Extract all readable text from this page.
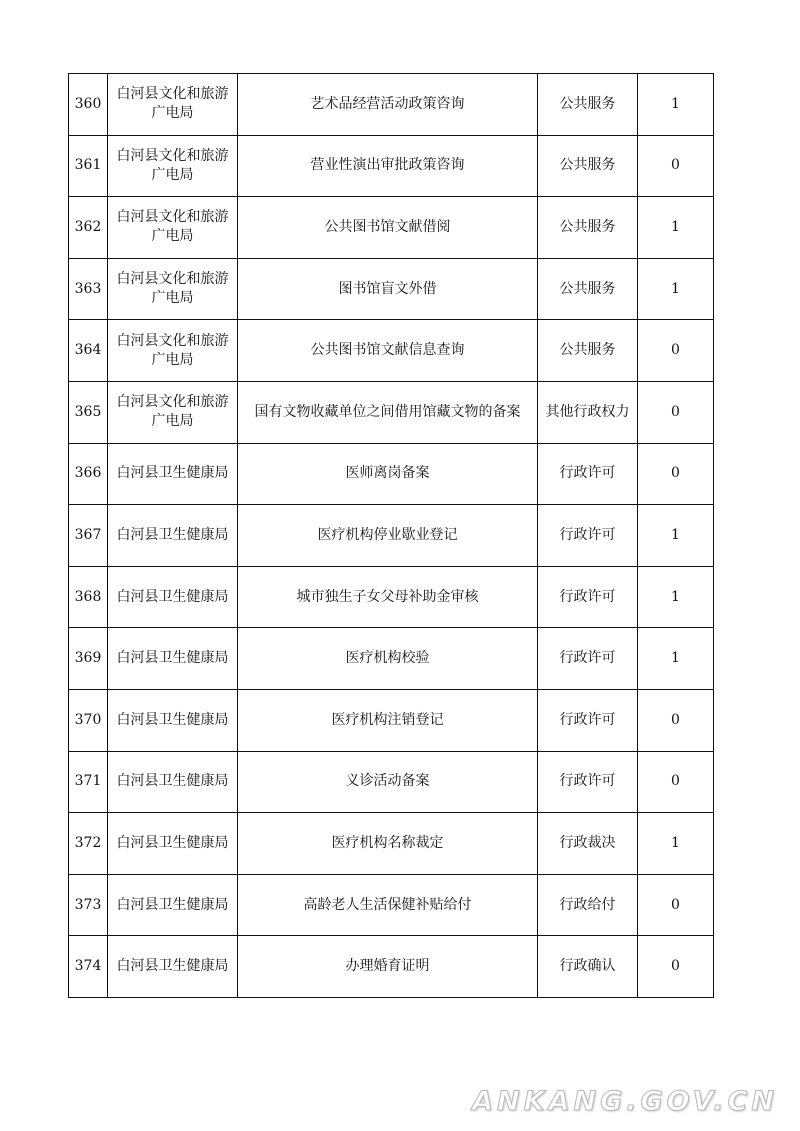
360	白河县文化和旅游广电局	艺术品经营活动政策咨询	公共服务	1
361	白河县文化和旅游广电局	营业性演出审批政策咨询	公共服务	0
362	白河县文化和旅游广电局	公共图书馆文献借阅	公共服务	1
363	白河县文化和旅游广电局	图书馆盲文外借	公共服务	1
364	白河县文化和旅游广电局	公共图书馆文献信息查询	公共服务	0
365	白河县文化和旅游广电局	国有文物收藏单位之间借用馆藏文物的备案	其他行政权力	0
366	白河县卫生健康局	医师离岗备案	行政许可	0
367	白河县卫生健康局	医疗机构停业歇业登记	行政许可	1
368	白河县卫生健康局	城市独生子女父母补助金审核	行政许可	1
369	白河县卫生健康局	医疗机构校验	行政许可	1
370	白河县卫生健康局	医疗机构注销登记	行政许可	0
371	白河县卫生健康局	义诊活动备案	行政许可	0
372	白河县卫生健康局	医疗机构名称裁定	行政裁决	1
373	白河县卫生健康局	高龄老人生活保健补贴给付	行政给付	0
374	白河县卫生健康局	办理婚育证明	行政确认	0
ANKANG.GOV.CN
